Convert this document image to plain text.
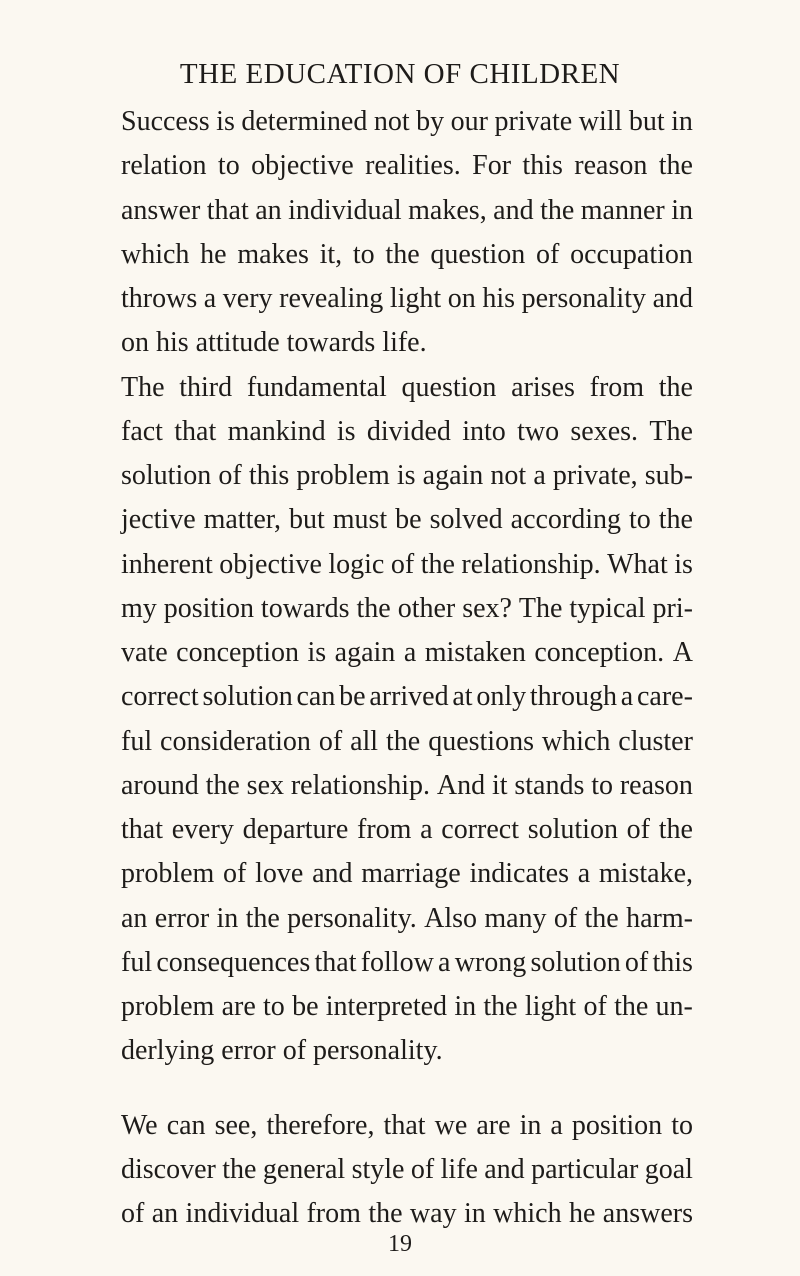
THE EDUCATION OF CHILDREN
Success is determined not by our private will but in
relation to objective realities. For this reason the
answer that an individual makes, and the manner in
which he makes it, to the question of occupation
throws a very revealing light on his personality and
on his attitude towards life.
The third fundamental question arises from the
fact that mankind is divided into two sexes. The
solution of this problem is again not a private, sub-
jective matter, but must be solved according to the
inherent objective logic of the relationship. What is
my position towards the other sex? The typical pri-
vate conception is again a mistaken conception. A
correct solution can be arrived at only through a care-
ful consideration of all the questions which cluster
around the sex relationship. And it stands to reason
that every departure from a correct solution of the
problem of love and marriage indicates a mistake,
an error in the personality. Also many of the harm-
ful consequences that follow a wrong solution of this
problem are to be interpreted in the light of the un-
derlying error of personality.
We can see, therefore, that we are in a position to
discover the general style of life and particular goal
of an individual from the way in which he answers
19
